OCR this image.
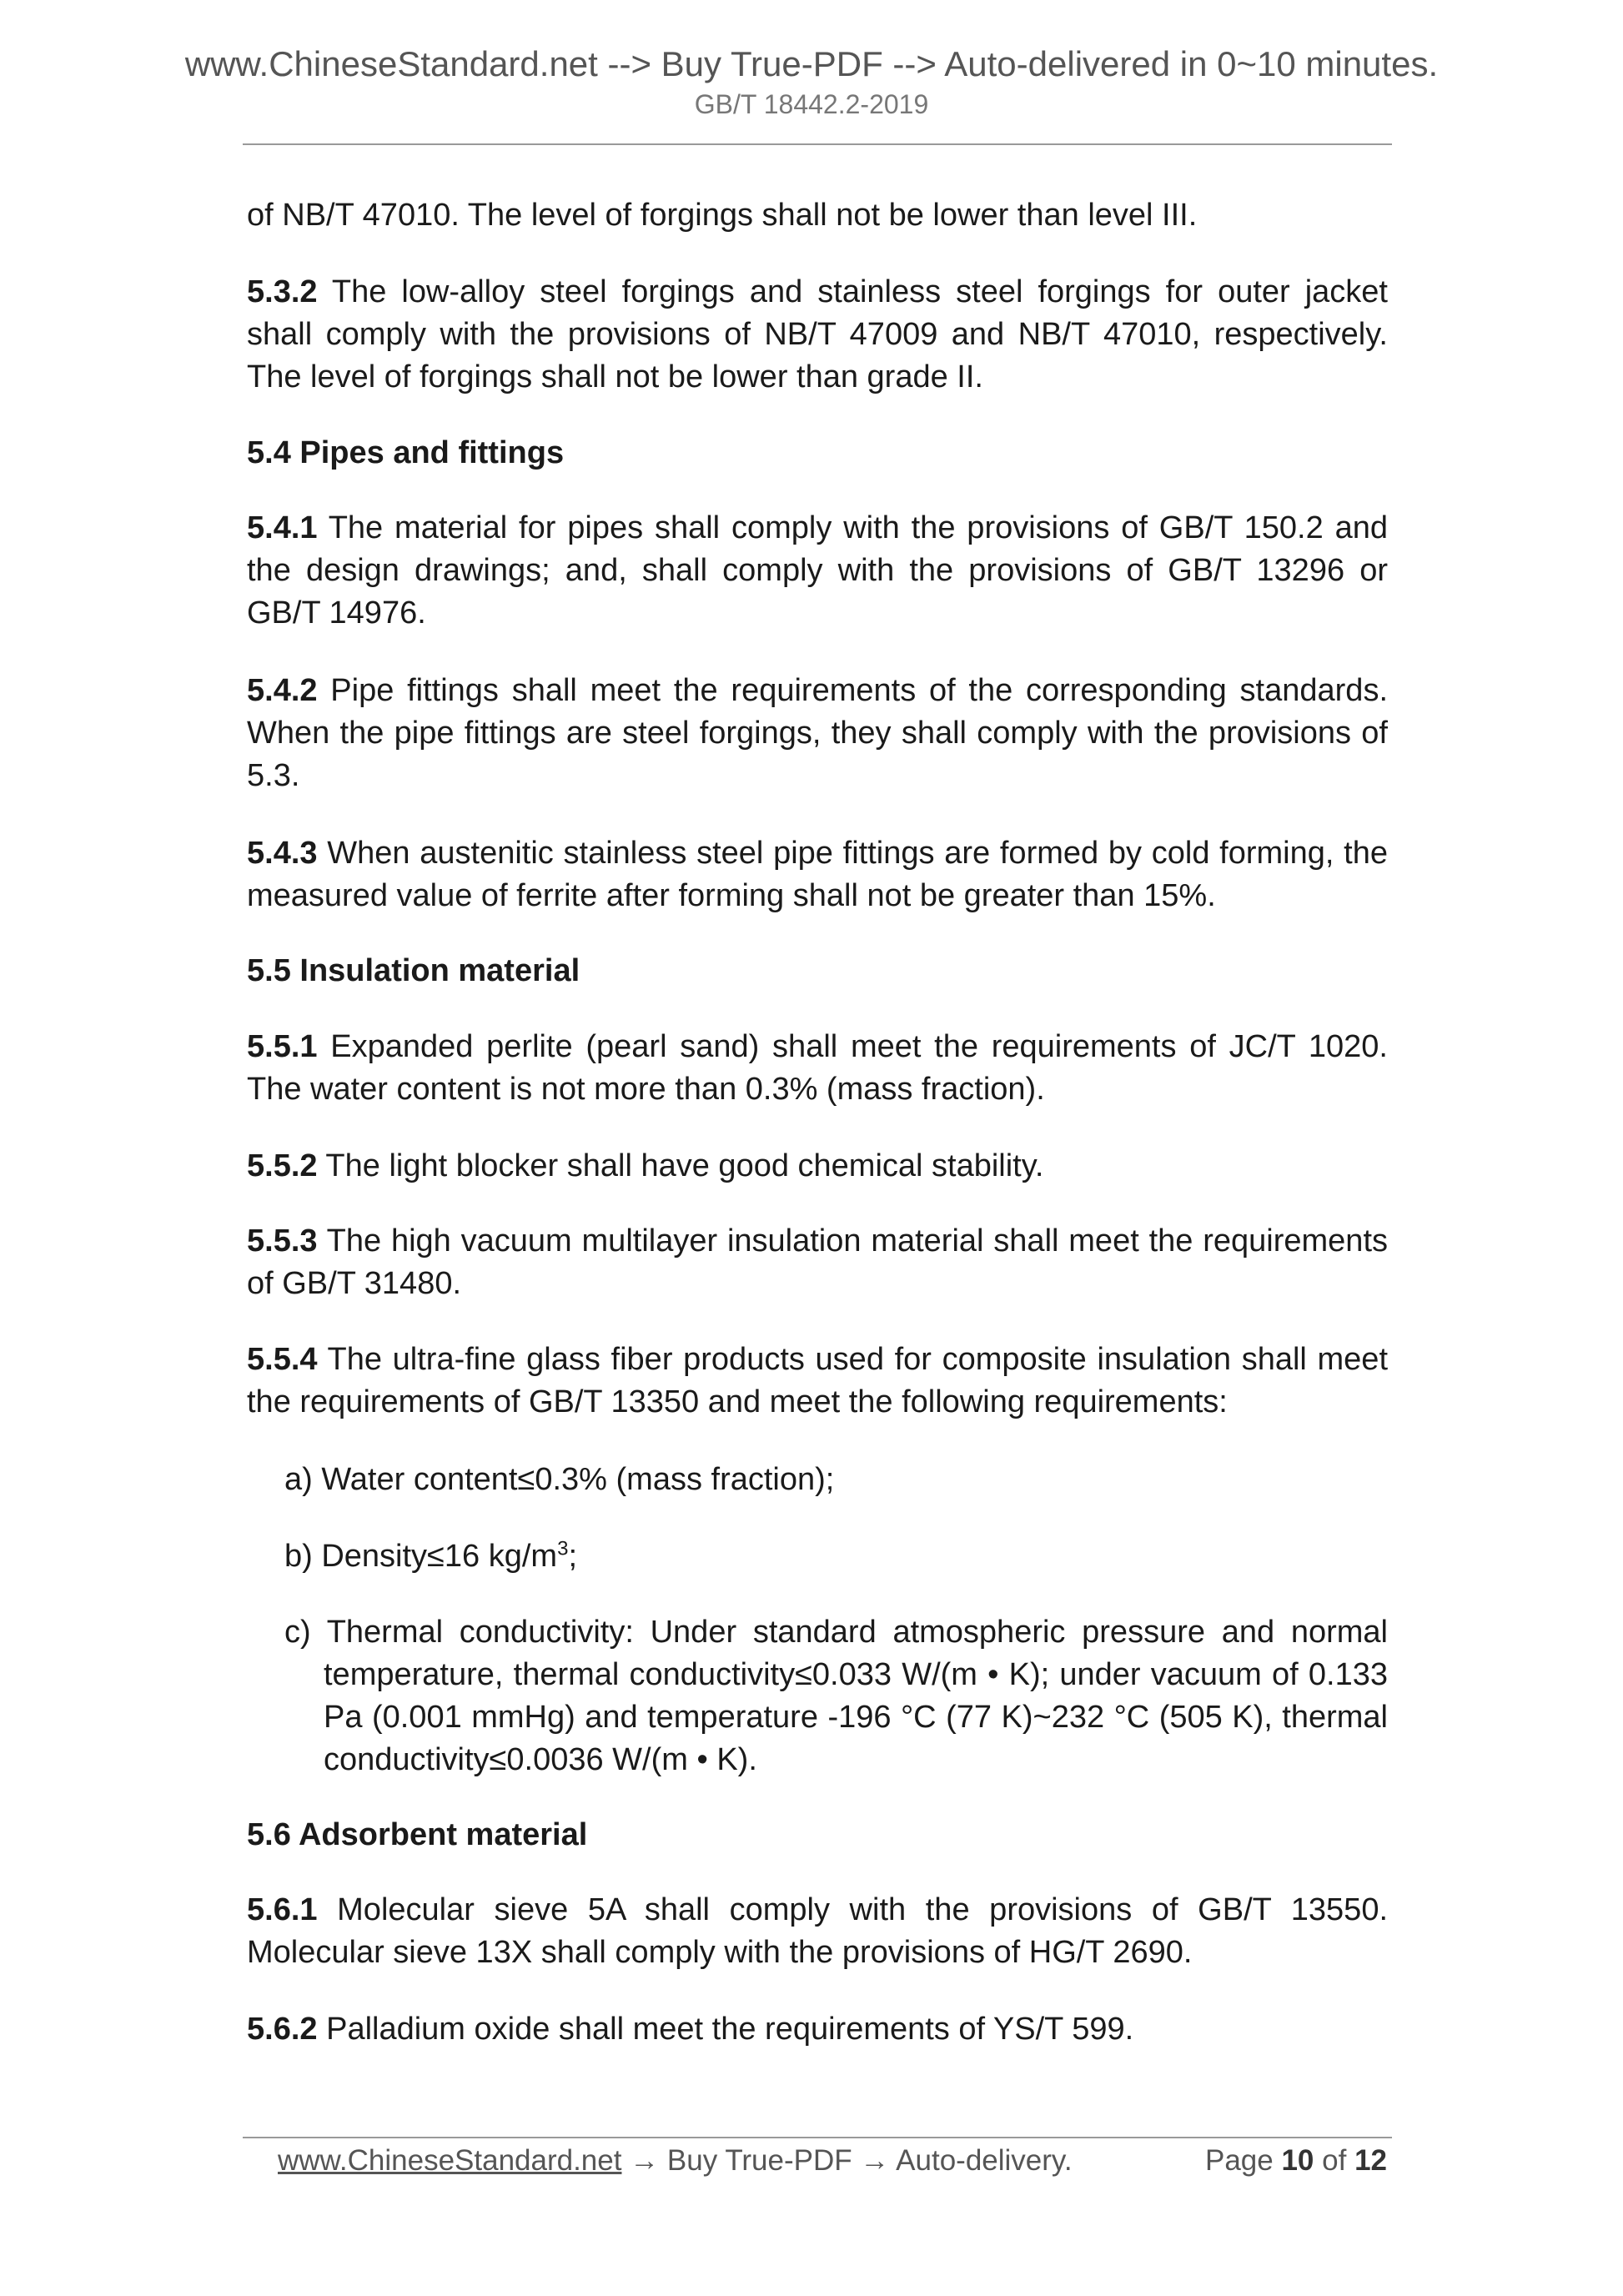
www.ChineseStandard.net --> Buy True-PDF --> Auto-delivered in 0~10 minutes.
GB/T 18442.2-2019

of NB/T 47010. The level of forgings shall not be lower than level III.

5.3.2 The low-alloy steel forgings and stainless steel forgings for outer jacket shall comply with the provisions of NB/T 47009 and NB/T 47010, respectively. The level of forgings shall not be lower than grade II.

5.4 Pipes and fittings

5.4.1 The material for pipes shall comply with the provisions of GB/T 150.2 and the design drawings; and, shall comply with the provisions of GB/T 13296 or GB/T 14976.

5.4.2 Pipe fittings shall meet the requirements of the corresponding standards. When the pipe fittings are steel forgings, they shall comply with the provisions of 5.3.

5.4.3 When austenitic stainless steel pipe fittings are formed by cold forming, the measured value of ferrite after forming shall not be greater than 15%.

5.5 Insulation material

5.5.1 Expanded perlite (pearl sand) shall meet the requirements of JC/T 1020. The water content is not more than 0.3% (mass fraction).

5.5.2 The light blocker shall have good chemical stability.

5.5.3 The high vacuum multilayer insulation material shall meet the requirements of GB/T 31480.

5.5.4 The ultra-fine glass fiber products used for composite insulation shall meet the requirements of GB/T 13350 and meet the following requirements:

a) Water content≤0.3% (mass fraction);

b) Density≤16 $kg/m^3$;

c) Thermal conductivity: Under standard atmospheric pressure and normal temperature, thermal conductivity≤0.033 W/(m • K); under vacuum of 0.133 Pa (0.001 mmHg) and temperature -196 °C (77 K)~232 °C (505 K), thermal conductivity≤0.0036 W/(m • K).

5.6 Adsorbent material

5.6.1 Molecular sieve 5A shall comply with the provisions of GB/T 13550. Molecular sieve 13X shall comply with the provisions of HG/T 2690.

5.6.2 Palladium oxide shall meet the requirements of YS/T 599.

www.ChineseStandard.net → Buy True-PDF → Auto-delivery.	Page 10 of 12
